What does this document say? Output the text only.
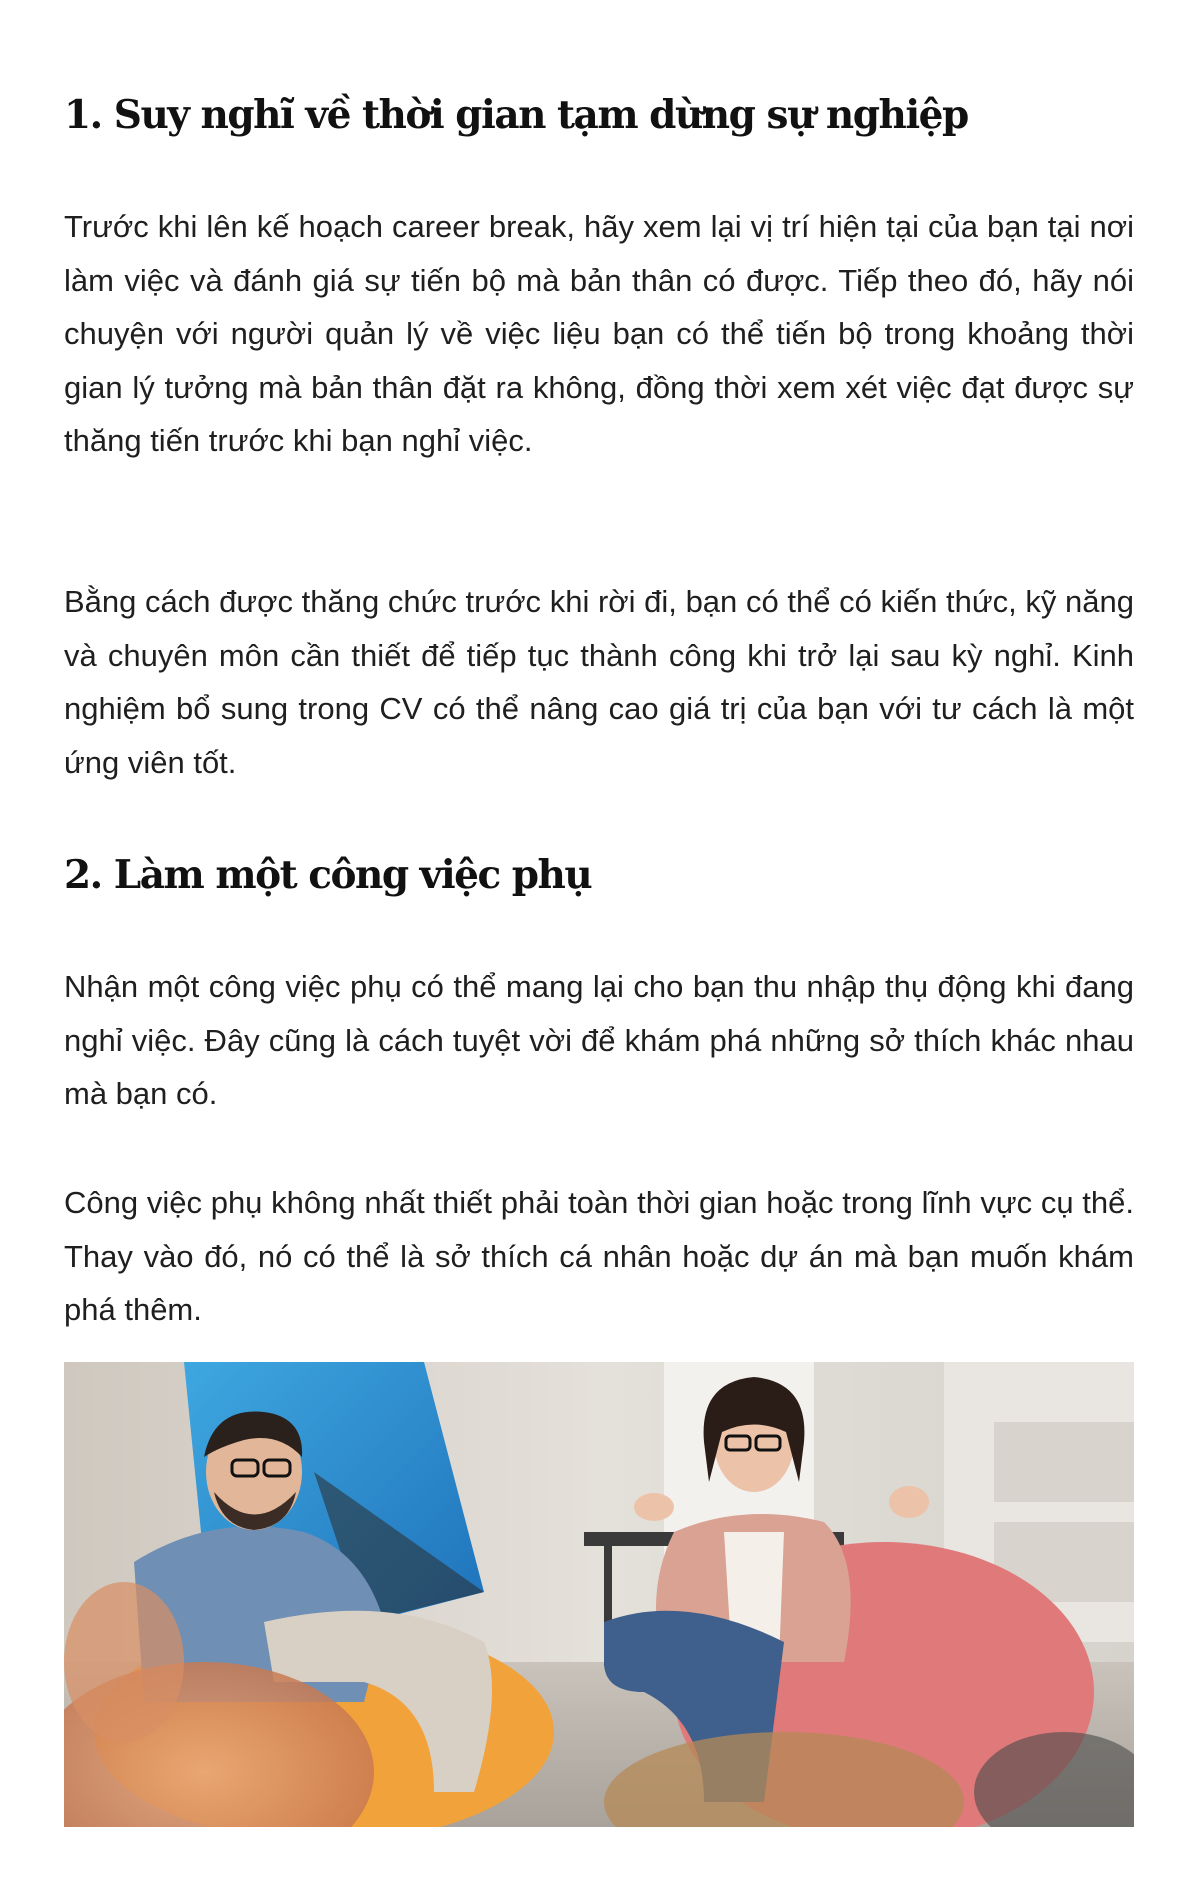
1. Suy nghĩ về thời gian tạm dừng sự nghiệp

Trước khi lên kế hoạch career break, hãy xem lại vị trí hiện tại của bạn tại nơi làm việc và đánh giá sự tiến bộ mà bản thân có được. Tiếp theo đó, hãy nói chuyện với người quản lý về việc liệu bạn có thể tiến bộ trong khoảng thời gian lý tưởng mà bản thân đặt ra không, đồng thời xem xét việc đạt được sự thăng tiến trước khi bạn nghỉ việc.

Bằng cách được thăng chức trước khi rời đi, bạn có thể có kiến thức, kỹ năng và chuyên môn cần thiết để tiếp tục thành công khi trở lại sau kỳ nghỉ. Kinh nghiệm bổ sung trong CV có thể nâng cao giá trị của bạn với tư cách là một ứng viên tốt.

2. Làm một công việc phụ

Nhận một công việc phụ có thể mang lại cho bạn thu nhập thụ động khi đang nghỉ việc. Đây cũng là cách tuyệt vời để khám phá những sở thích khác nhau mà bạn có.

Công việc phụ không nhất thiết phải toàn thời gian hoặc trong lĩnh vực cụ thể. Thay vào đó, nó có thể là sở thích cá nhân hoặc dự án mà bạn muốn khám phá thêm.
